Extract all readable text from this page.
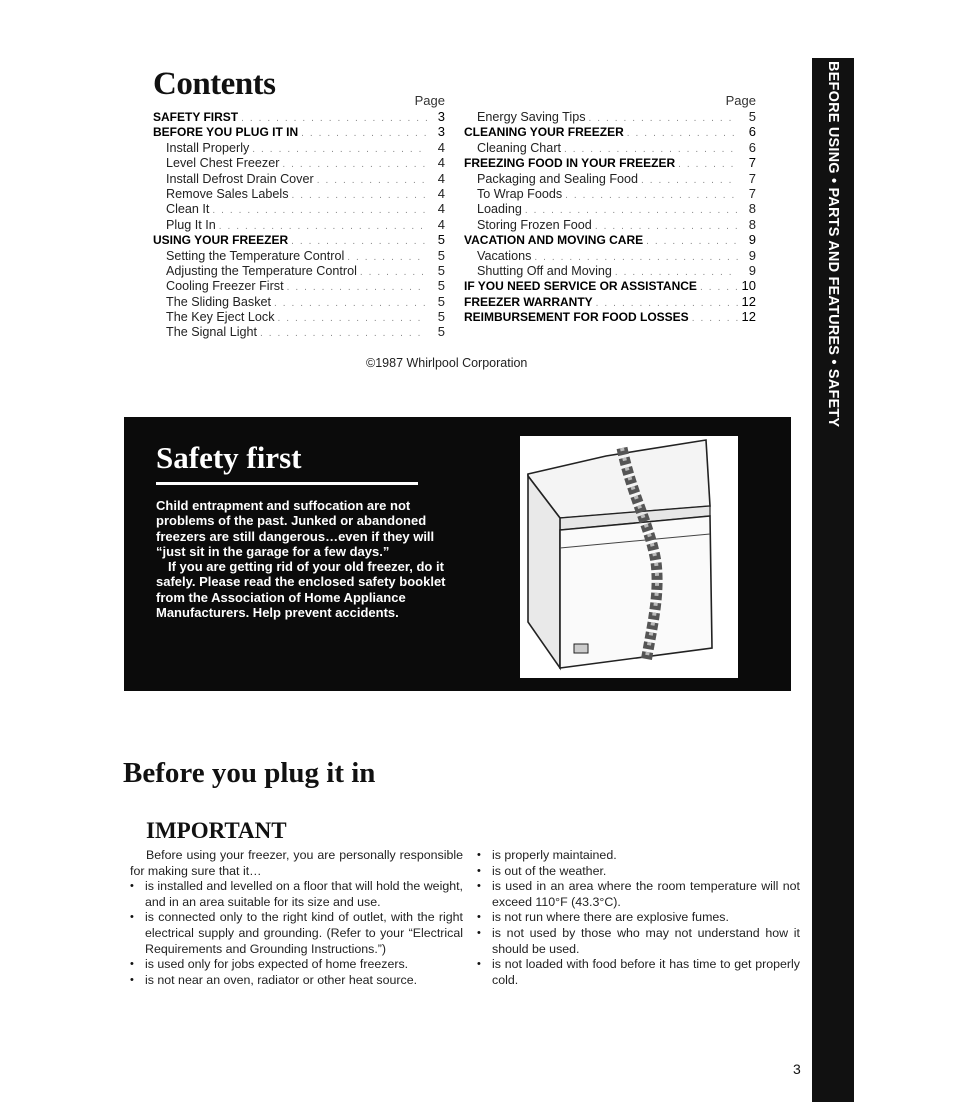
BEFORE USING • PARTS AND FEATURES • SAFETY
Contents	Page
SAFETY FIRST . . .	3
BEFORE YOU PLUG IT IN . . .	3
Install Properly . . .	4
Level Chest Freezer . . .	4
Install Defrost Drain Cover . . .	4
Remove Sales Labels . . .	4
Clean It . . .	4
Plug It In . . .	4
USING YOUR FREEZER . . .	5
Setting the Temperature Control . . .	5
Adjusting the Temperature Control . . .	5
Cooling Freezer First . . .	5
The Sliding Basket . . .	5
The Key Eject Lock . . .	5
The Signal Light . . .	5
Page
Energy Saving Tips . . .	5
CLEANING YOUR FREEZER . . .	6
Cleaning Chart . . .	6
FREEZING FOOD IN YOUR FREEZER . . .	7
Packaging and Sealing Food . . .	7
To Wrap Foods . . .	7
Loading . . .	8
Storing Frozen Food . . .	8
VACATION AND MOVING CARE . . .	9
Vacations . . .	9
Shutting Off and Moving . . .	9
IF YOU NEED SERVICE OR ASSISTANCE . . .	10
FREEZER WARRANTY . . .	12
REIMBURSEMENT FOR FOOD LOSSES . . .	12
©1987 Whirlpool Corporation
Safety first

Child entrapment and suffocation are not problems of the past. Junked or abandoned freezers are still dangerous…even if they will “just sit in the garage for a few days.”

If you are getting rid of your old freezer, do it safely. Please read the enclosed safety booklet from the Association of Home Appliance Manufacturers. Help prevent accidents.

Before you plug it in
IMPORTANT

Before using your freezer, you are personally responsible for making sure that it…

• is installed and levelled on a floor that will hold the weight, and in an area suitable for its size and use.

• is connected only to the right kind of outlet, with the right electrical supply and grounding. (Refer to your “Electrical Requirements and Grounding Instructions.”)

• is used only for jobs expected of home freezers.

• is not near an oven, radiator or other heat source.

• is properly maintained.

• is out of the weather.

• is used in an area where the room temperature will not exceed 110°F (43.3°C).

• is not run where there are explosive fumes.

• is not used by those who may not understand how it should be used.

• is not loaded with food before it has time to get properly cold.

3
